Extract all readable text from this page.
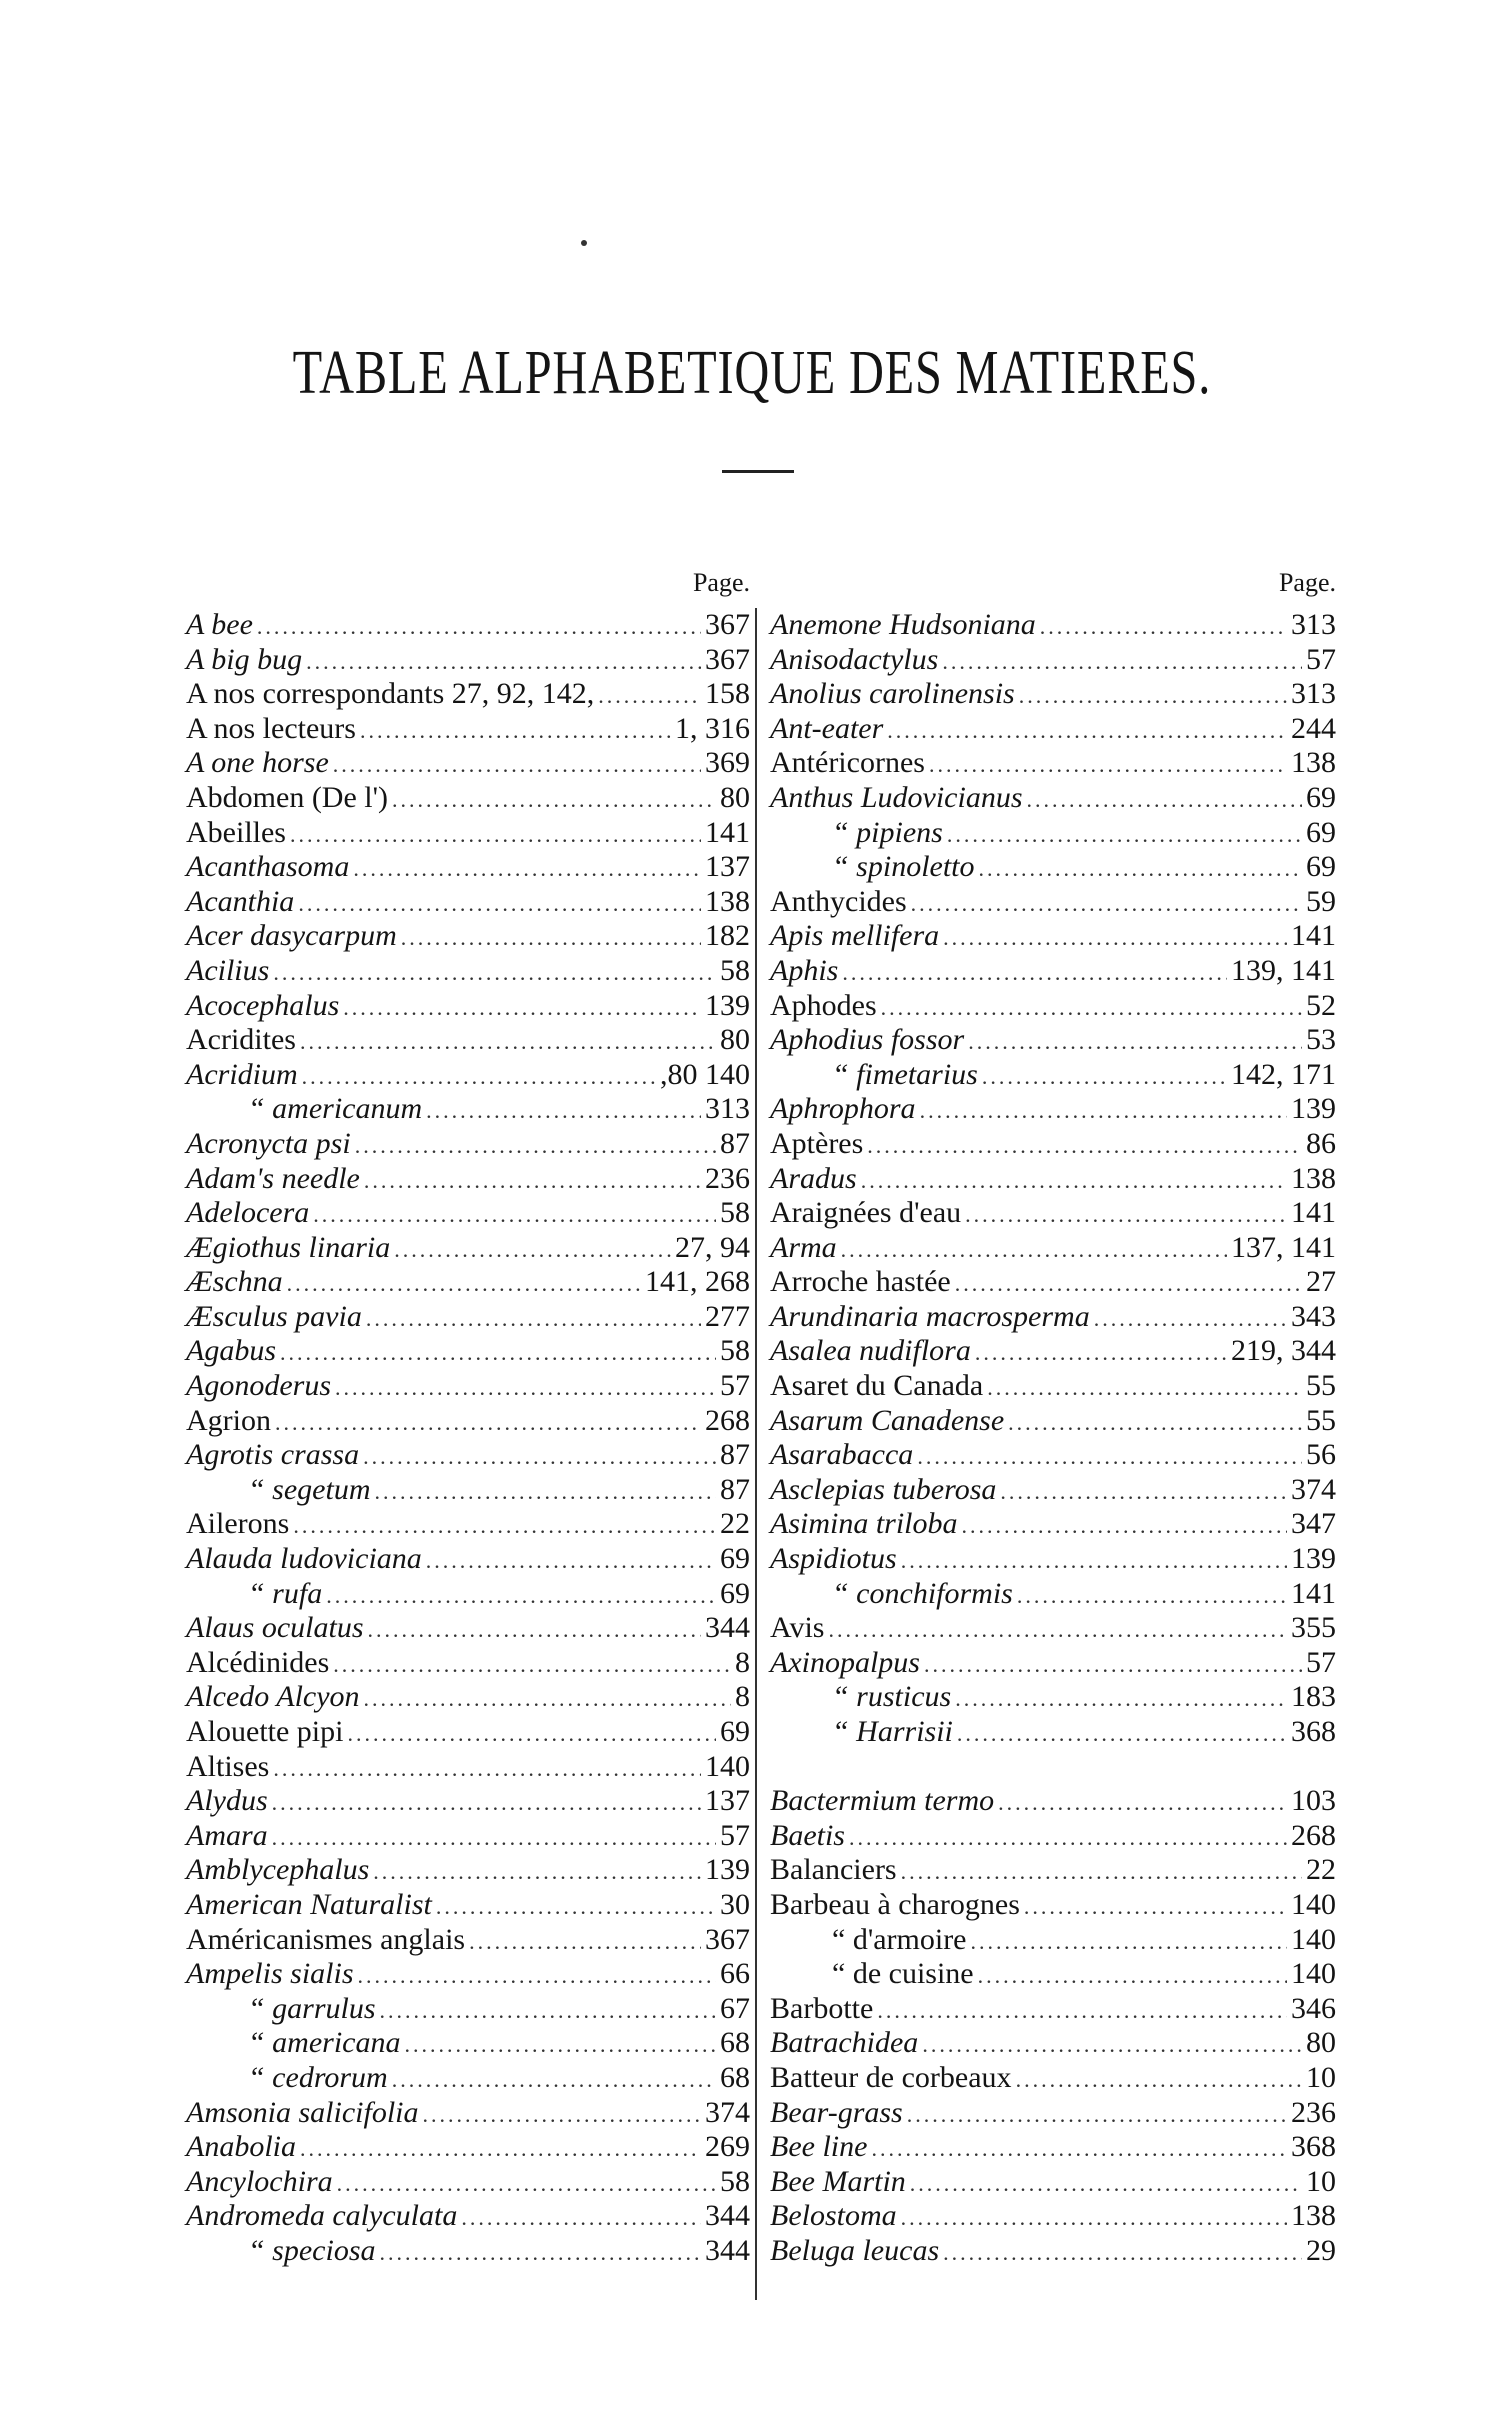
TABLE ALPHABETIQUE DES MATIERES.
Page.
A bee .....	367
A big bug .....	367
A nos correspondants 27, 92, 142, .....	158
A nos lecteurs .....	1, 316
A one horse .....	369
Abdomen (De l') .....	80
Abeilles .....	141
Acanthasoma .....	137
Acanthia .....	138
Acer dasycarpum .....	182
Acilius .....	58
Acocephalus .....	139
Acridites .....	80
Acridium .....	,80 140
“ americanum .....	313
Acronycta psi .....	87
Adam's needle .....	236
Adelocera .....	58
Ægiothus linaria .....	27, 94
Æschna .....	141, 268
Æsculus pavia .....	277
Agabus .....	58
Agonoderus .....	57
Agrion .....	268
Agrotis crassa .....	87
“ segetum .....	87
Ailerons .....	22
Alauda ludoviciana .....	69
“ rufa .....	69
Alaus oculatus .....	344
Alcédinides .....	8
Alcedo Alcyon .....	8
Alouette pipi .....	69
Altises .....	140
Alydus .....	137
Amara .....	57
Amblycephalus .....	139
American Naturalist .....	30
Américanismes anglais .....	367
Ampelis sialis .....	66
“ garrulus .....	67
“ americana .....	68
“ cedrorum .....	68
Amsonia salicifolia .....	374
Anabolia .....	269
Ancylochira .....	58
Andromeda calyculata .....	344
“ speciosa .....	344
Page.
Anemone Hudsoniana .....	313
Anisodactylus .....	57
Anolius carolinensis .....	313
Ant-eater .....	244
Antéricornes .....	138
Anthus Ludovicianus .....	69
“ pipiens .....	69
“ spinoletto .....	69
Anthycides .....	59
Apis mellifera .....	141
Aphis .....	139, 141
Aphodes .....	52
Aphodius fossor .....	53
“ fimetarius .....	142, 171
Aphrophora .....	139
Aptères .....	86
Aradus .....	138
Araignées d'eau .....	141
Arma .....	137, 141
Arroche hastée .....	27
Arundinaria macrosperma .....	343
Asalea nudiflora .....	219, 344
Asaret du Canada .....	55
Asarum Canadense .....	55
Asarabacca .....	56
Asclepias tuberosa .....	374
Asimina triloba .....	347
Aspidiotus .....	139
“ conchiformis .....	141
Avis .....	355
Axinopalpus .....	57
“ rusticus .....	183
“ Harrisii .....	368
Bactermium termo .....	103
Baetis .....	268
Balanciers .....	22
Barbeau à charognes .....	140
“ d'armoire .....	140
“ de cuisine .....	140
Barbotte .....	346
Batrachidea .....	80
Batteur de corbeaux .....	10
Bear-grass .....	236
Bee line .....	368
Bee Martin .....	10
Belostoma .....	138
Beluga leucas .....	29
